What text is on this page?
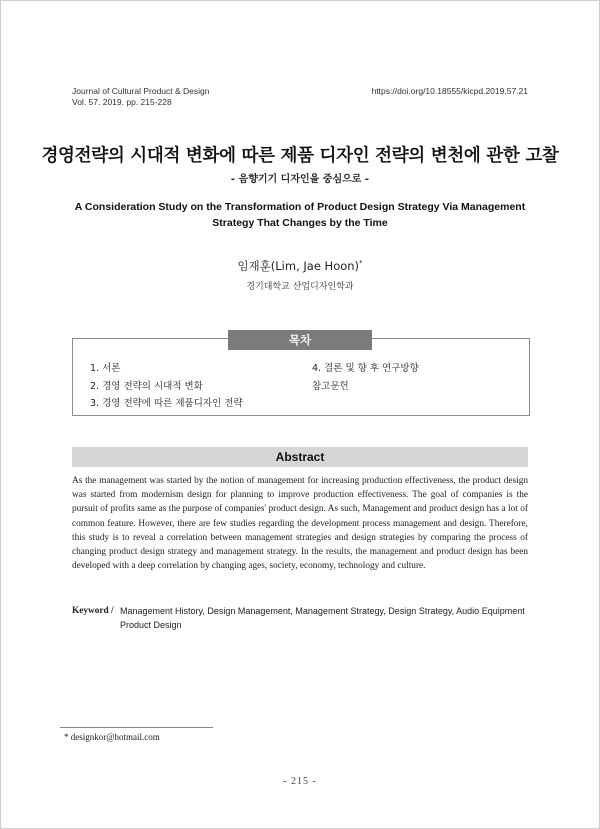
Journal of Cultural Product & Design
Vol. 57. 2019. pp. 215-228
https://doi.org/10.18555/kicpd.2019.57.21
경영전략의 시대적 변화에 따른 제품 디자인 전략의 변천에 관한 고찰
- 음향기기 디자인을 중심으로 -
A Consideration Study on the Transformation of Product Design Strategy Via Management
Strategy That Changes by the Time
임재훈(Lim, Jae Hoon)*
경기대학교 산업디자인학과
목차
1. 서론
2. 경영 전략의 시대적 변화
3. 경영 전략에 따른 제품디자인 전략
4. 결론 및 향 후 연구방향
참고문헌
Abstract
As the management was started by the notion of management for increasing production effectiveness, the product design was started from modernism design for planning to improve production effectiveness. The goal of companies is the pursuit of profits same as the purpose of companies' product design. As such, Management and product design has a lot of common feature. However, there are few studies regarding the development process management and design. Therefore, this study is to reveal a correlation between management strategies and design strategies by comparing the process of changing product design strategy and management strategy. In the results, the management and product design has been developed with a deep correlation by changing ages, society, economy, technology and culture.
Keyword / Management History, Design Management, Management Strategy, Design Strategy, Audio Equipment Product Design
* designkor@hotmail.com
- 215 -
